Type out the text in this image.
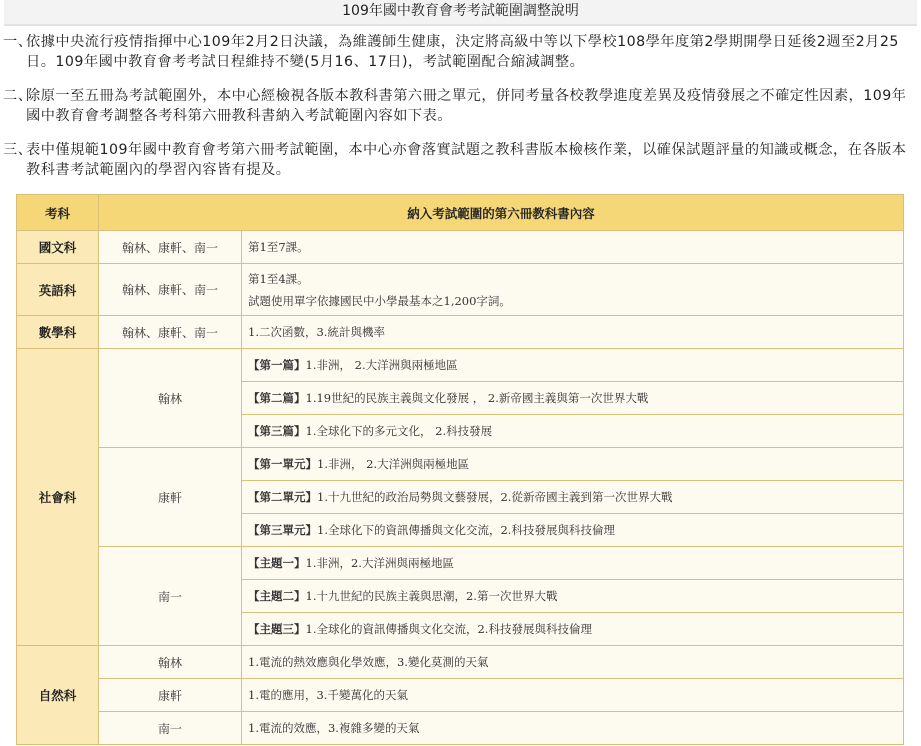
109年國中教育會考考試範圍調整說明

一、
依據中央流行疫情指揮中心109年2月2日決議，為維護師生健康，決定將高級中等以下學校108學年度第2學期開學日延後2週至2月25日。109年國中教育會考考試日程維持不變(5月16、17日)，考試範圍配合縮減調整。

二、
除原一至五冊為考試範圍外，本中心經檢視各版本教科書第六冊之單元，併同考量各校教學進度差異及疫情發展之不確定性因素，109年國中教育會考調整各考科第六冊教科書納入考試範圍內容如下表。

三、
表中僅規範109年國中教育會考第六冊考試範圍，本中心亦會落實試題之教科書版本檢核作業，以確保試題評量的知識或概念，在各版本教科書考試範圍內的學習內容皆有提及。

考科	納入考試範圍的第六冊教科書內容	
國文科	翰林、康軒、南一	第1至7課。
英語科	翰林、康軒、南一	第1至4課。
試題使用單字依據國民中小學最基本之1,200字詞。

數學科	翰林、康軒、南一	1.二次函數，3.統計與機率
社會科	翰林	【第一篇】1.非洲， 2.大洋洲與兩極地區
		【第二篇】1.19世紀的民族主義與文化發展 ， 2.新帝國主義與第一次世界大戰
		【第三篇】1.全球化下的多元文化， 2.科技發展
	康軒	【第一單元】1.非洲， 2.大洋洲與兩極地區
		【第二單元】1.十九世紀的政治局勢與文藝發展，2.從新帝國主義到第一次世界大戰
		【第三單元】1.全球化下的資訊傳播與文化交流，2.科技發展與科技倫理
	南一	【主題一】1.非洲，2.大洋洲與兩極地區
		【主題二】1.十九世紀的民族主義與思潮，2.第一次世界大戰
		【主題三】1.全球化的資訊傳播與文化交流，2.科技發展與科技倫理
自然科	翰林	1.電流的熱效應與化學效應，3.變化莫測的天氣
	康軒	1.電的應用，3.千變萬化的天氣
	南一	1.電流的效應，3.複雜多變的天氣
